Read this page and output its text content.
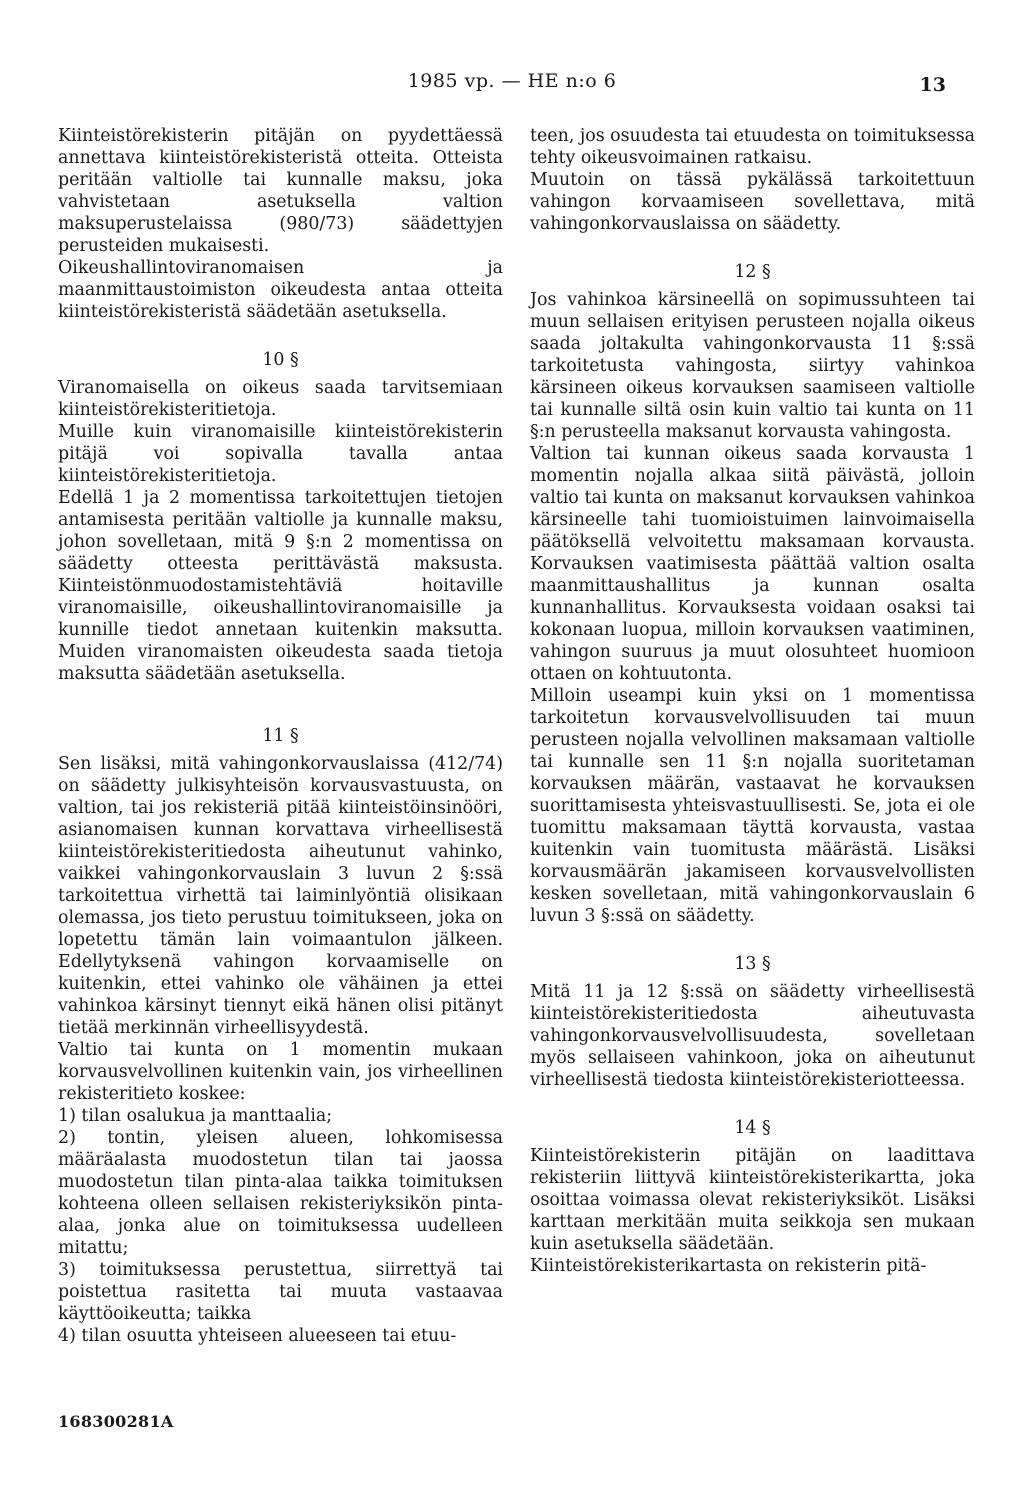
1985 vp. — HE n:o 6	13

Kiinteistörekisterin pitäjän on pyydettäessä annettava kiinteistörekisteristä otteita. Otteista peritään valtiolle tai kunnalle maksu, joka vahvistetaan asetuksella valtion maksuperustelaissa (980/73) säädettyjen perusteiden mukaisesti.

Oikeushallintoviranomaisen ja maanmittaustoimiston oikeudesta antaa otteita kiinteistörekisteristä säädetään asetuksella.

10 §

Viranomaisella on oikeus saada tarvitsemiaan kiinteistörekisteritietoja.

Muille kuin viranomaisille kiinteistörekisterin pitäjä voi sopivalla tavalla antaa kiinteistörekisteritietoja.

Edellä 1 ja 2 momentissa tarkoitettujen tietojen antamisesta peritään valtiolle ja kunnalle maksu, johon sovelletaan, mitä 9 §:n 2 momentissa on säädetty otteesta perittävästä maksusta. Kiinteistönmuodostamistehtäviä hoitaville viranomaisille, oikeushallintoviranomaisille ja kunnille tiedot annetaan kuitenkin maksutta. Muiden viranomaisten oikeudesta saada tietoja maksutta säädetään asetuksella.

11 §

Sen lisäksi, mitä vahingonkorvauslaissa (412/74) on säädetty julkisyhteisön korvausvastuusta, on valtion, tai jos rekisteriä pitää kiinteistöinsinööri, asianomaisen kunnan korvattava virheellisestä kiinteistörekisteritiedosta aiheutunut vahinko, vaikkei vahingonkorvauslain 3 luvun 2 §:ssä tarkoitettua virhettä tai laiminlyöntiä olisikaan olemassa, jos tieto perustuu toimitukseen, joka on lopetettu tämän lain voimaantulon jälkeen. Edellytyksenä vahingon korvaamiselle on kuitenkin, ettei vahinko ole vähäinen ja ettei vahinkoa kärsinyt tiennyt eikä hänen olisi pitänyt tietää merkinnän virheellisyydestä.

Valtio tai kunta on 1 momentin mukaan korvausvelvollinen kuitenkin vain, jos virheellinen rekisteritieto koskee:

1) tilan osalukua ja manttaalia;

2) tontin, yleisen alueen, lohkomisessa määräalasta muodostetun tilan tai jaossa muodostetun tilan pinta-alaa taikka toimituksen kohteena olleen sellaisen rekisteriyksikön pinta-alaa, jonka alue on toimituksessa uudelleen mitattu;

3) toimituksessa perustettua, siirrettyä tai poistettua rasitetta tai muuta vastaavaa käyttöoikeutta; taikka

4) tilan osuutta yhteiseen alueeseen tai etuu-

teen, jos osuudesta tai etuudesta on toimituksessa tehty oikeusvoimainen ratkaisu.

Muutoin on tässä pykälässä tarkoitettuun vahingon korvaamiseen sovellettava, mitä vahingonkorvauslaissa on säädetty.

12 §

Jos vahinkoa kärsineellä on sopimussuhteen tai muun sellaisen erityisen perusteen nojalla oikeus saada joltakulta vahingonkorvausta 11 §:ssä tarkoitetusta vahingosta, siirtyy vahinkoa kärsineen oikeus korvauksen saamiseen valtiolle tai kunnalle siltä osin kuin valtio tai kunta on 11 §:n perusteella maksanut korvausta vahingosta.

Valtion tai kunnan oikeus saada korvausta 1 momentin nojalla alkaa siitä päivästä, jolloin valtio tai kunta on maksanut korvauksen vahinkoa kärsineelle tahi tuomioistuimen lainvoimaisella päätöksellä velvoitettu maksamaan korvausta. Korvauksen vaatimisesta päättää valtion osalta maanmittaushallitus ja kunnan osalta kunnanhallitus. Korvauksesta voidaan osaksi tai kokonaan luopua, milloin korvauksen vaatiminen, vahingon suuruus ja muut olosuhteet huomioon ottaen on kohtuutonta.

Milloin useampi kuin yksi on 1 momentissa tarkoitetun korvausvelvollisuuden tai muun perusteen nojalla velvollinen maksamaan valtiolle tai kunnalle sen 11 §:n nojalla suoritetaman korvauksen määrän, vastaavat he korvauksen suorittamisesta yhteisvastuullisesti. Se, jota ei ole tuomittu maksamaan täyttä korvausta, vastaa kuitenkin vain tuomitusta määrästä. Lisäksi korvausmäärän jakamiseen korvausvelvollisten kesken sovelletaan, mitä vahingonkorvauslain 6 luvun 3 §:ssä on säädetty.

13 §

Mitä 11 ja 12 §:ssä on säädetty virheellisestä kiinteistörekisteritiedosta aiheutuvasta vahingonkorvausvelvollisuudesta, sovelletaan myös sellaiseen vahinkoon, joka on aiheutunut virheellisestä tiedosta kiinteistörekisteriotteessa.

14 §

Kiinteistörekisterin pitäjän on laadittava rekisteriin liittyvä kiinteistörekisterikartta, joka osoittaa voimassa olevat rekisteriyksiköt. Lisäksi karttaan merkitään muita seikkoja sen mukaan kuin asetuksella säädetään.

Kiinteistörekisterikartasta on rekisterin pitä-

168300281A
